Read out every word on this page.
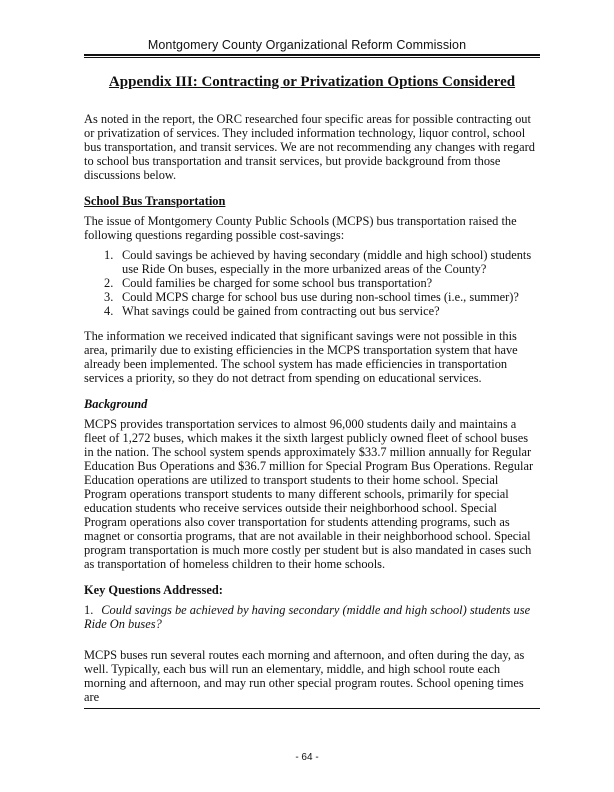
Montgomery County Organizational Reform Commission
Appendix III: Contracting or Privatization Options Considered

As noted in the report, the ORC researched four specific areas for possible contracting out or privatization of services. They included information technology, liquor control, school bus transportation, and transit services. We are not recommending any changes with regard to school bus transportation and transit services, but provide background from those discussions below.

School Bus Transportation

The issue of Montgomery County Public Schools (MCPS) bus transportation raised the following questions regarding possible cost-savings:

1. Could savings be achieved by having secondary (middle and high school) students use Ride On buses, especially in the more urbanized areas of the County?
2. Could families be charged for some school bus transportation?
3. Could MCPS charge for school bus use during non-school times (i.e., summer)?
4. What savings could be gained from contracting out bus service?

The information we received indicated that significant savings were not possible in this area, primarily due to existing efficiencies in the MCPS transportation system that have already been implemented. The school system has made efficiencies in transportation services a priority, so they do not detract from spending on educational services.

Background

MCPS provides transportation services to almost 96,000 students daily and maintains a fleet of 1,272 buses, which makes it the sixth largest publicly owned fleet of school buses in the nation. The school system spends approximately $33.7 million annually for Regular Education Bus Operations and $36.7 million for Special Program Bus Operations. Regular Education operations are utilized to transport students to their home school. Special Program operations transport students to many different schools, primarily for special education students who receive services outside their neighborhood school. Special Program operations also cover transportation for students attending programs, such as magnet or consortia programs, that are not available in their neighborhood school. Special program transportation is much more costly per student but is also mandated in cases such as transportation of homeless children to their home schools.

Key Questions Addressed:
1. Could savings be achieved by having secondary (middle and high school) students use Ride On buses?

MCPS buses run several routes each morning and afternoon, and often during the day, as well. Typically, each bus will run an elementary, middle, and high school route each morning and afternoon, and may run other special program routes. School opening times are

- 64 -
